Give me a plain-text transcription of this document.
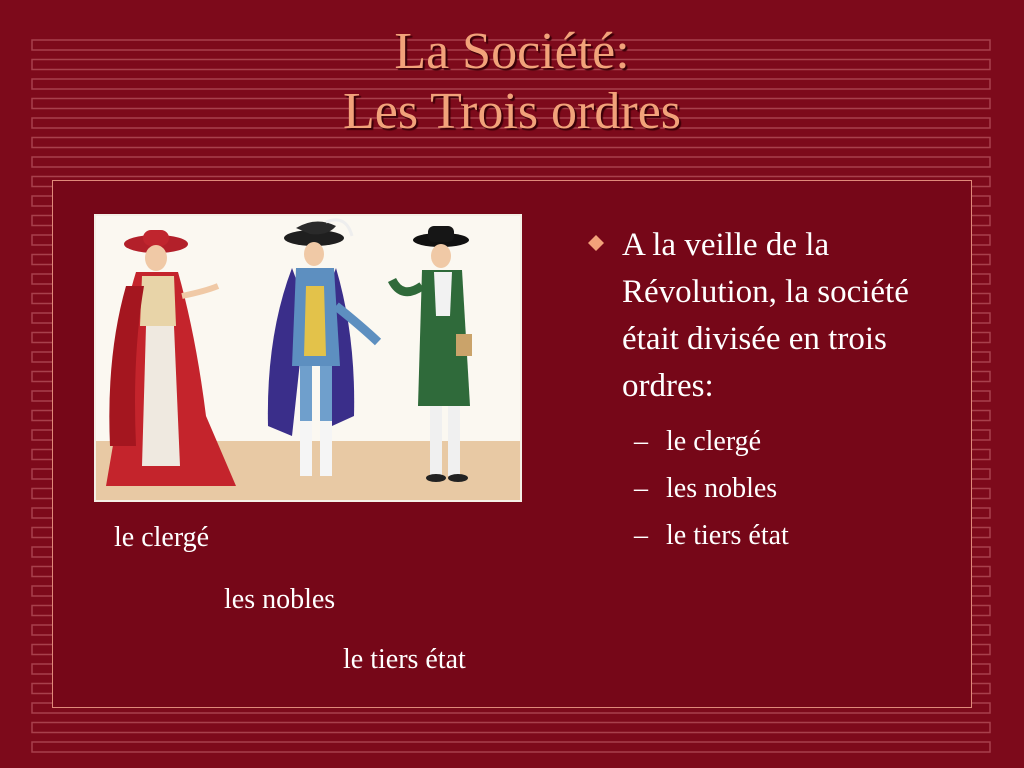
La Société:
Les Trois ordres
le clergé
les nobles
le tiers état
A la veille de la Révolution, la société était divisée en trois ordres:
– le clergé
– les nobles
– le tiers état
